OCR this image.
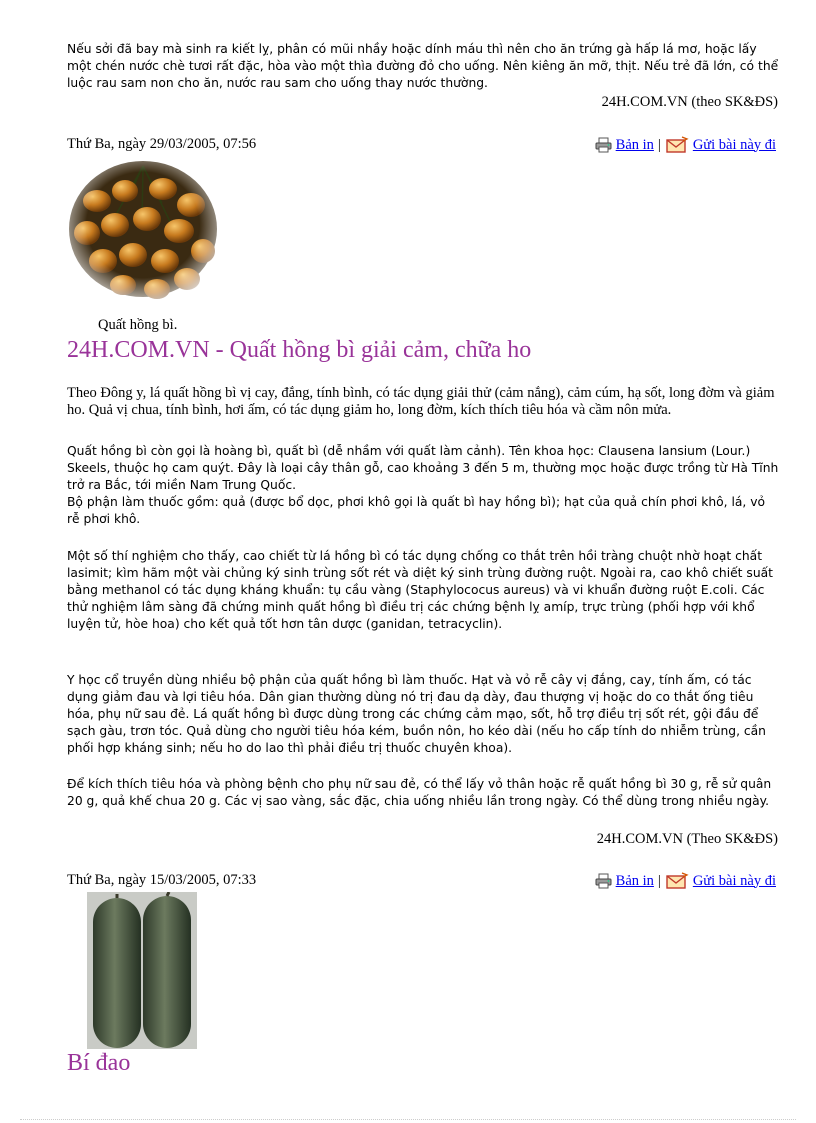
Nếu sởi đã bay mà sinh ra kiết lỵ, phân có mũi nhầy hoặc dính máu thì nên cho ăn trứng gà hấp lá mơ, hoặc lấy một chén nước chè tươi rất đặc, hòa vào một thìa đường đỏ cho uống. Nên kiêng ăn mỡ, thịt. Nếu trẻ đã lớn, có thể luộc rau sam non cho ăn, nước rau sam cho uống thay nước thường.

24H.COM.VN (theo SK&ĐS)

Thứ Ba, ngày 29/03/2005, 07:56	Bản in | Gửi bài này đi

Quất hồng bì.

24H.COM.VN - Quất hồng bì giải cảm, chữa ho

Theo Đông y, lá quất hồng bì vị cay, đắng, tính bình, có tác dụng giải thử (cảm nắng), cảm cúm, hạ sốt, long đờm và giảm ho. Quả vị chua, tính bình, hơi ấm, có tác dụng giảm ho, long đờm, kích thích tiêu hóa và cầm nôn mửa.

Quất hồng bì còn gọi là hoàng bì, quất bì (dễ nhầm với quất làm cảnh). Tên khoa học: Clausena lansium (Lour.) Skeels, thuộc họ cam quýt. Đây là loại cây thân gỗ, cao khoảng 3 đến 5 m, thường mọc hoặc được trồng từ Hà Tĩnh trở ra Bắc, tới miền Nam Trung Quốc.

Bộ phận làm thuốc gồm: quả (được bổ dọc, phơi khô gọi là quất bì hay hồng bì); hạt của quả chín phơi khô, lá, vỏ rễ phơi khô.

Một số thí nghiệm cho thấy, cao chiết từ lá hồng bì có tác dụng chống co thắt trên hồi tràng chuột nhờ hoạt chất lasimit; kìm hãm một vài chủng ký sinh trùng sốt rét và diệt ký sinh trùng đường ruột. Ngoài ra, cao khô chiết suất bằng methanol có tác dụng kháng khuẩn: tụ cầu vàng (Staphylococus aureus) và vi khuẩn đường ruột E.coli. Các thử nghiệm lâm sàng đã chứng minh quất hồng bì điều trị các chứng bệnh lỵ amíp, trực trùng (phối hợp với khổ luyện tử, hòe hoa) cho kết quả tốt hơn tân dược (ganidan, tetracyclin).

Y học cổ truyền dùng nhiều bộ phận của quất hồng bì làm thuốc. Hạt và vỏ rễ cây vị đắng, cay, tính ấm, có tác dụng giảm đau và lợi tiêu hóa. Dân gian thường dùng nó trị đau dạ dày, đau thượng vị hoặc do co thắt ống tiêu hóa, phụ nữ sau đẻ. Lá quất hồng bì được dùng trong các chứng cảm mạo, sốt, hỗ trợ điều trị sốt rét, gội đầu để sạch gàu, trơn tóc. Quả dùng cho người tiêu hóa kém, buồn nôn, ho kéo dài (nếu ho cấp tính do nhiễm trùng, cần phối hợp kháng sinh; nếu ho do lao thì phải điều trị thuốc chuyên khoa).

Để kích thích tiêu hóa và phòng bệnh cho phụ nữ sau đẻ, có thể lấy vỏ thân hoặc rễ quất hồng bì 30 g, rễ sử quân 20 g, quả khế chua 20 g. Các vị sao vàng, sắc đặc, chia uống nhiều lần trong ngày. Có thể dùng trong nhiều ngày.

24H.COM.VN (Theo SK&ĐS)

Thứ Ba, ngày 15/03/2005, 07:33	Bản in | Gửi bài này đi
Bí đao
